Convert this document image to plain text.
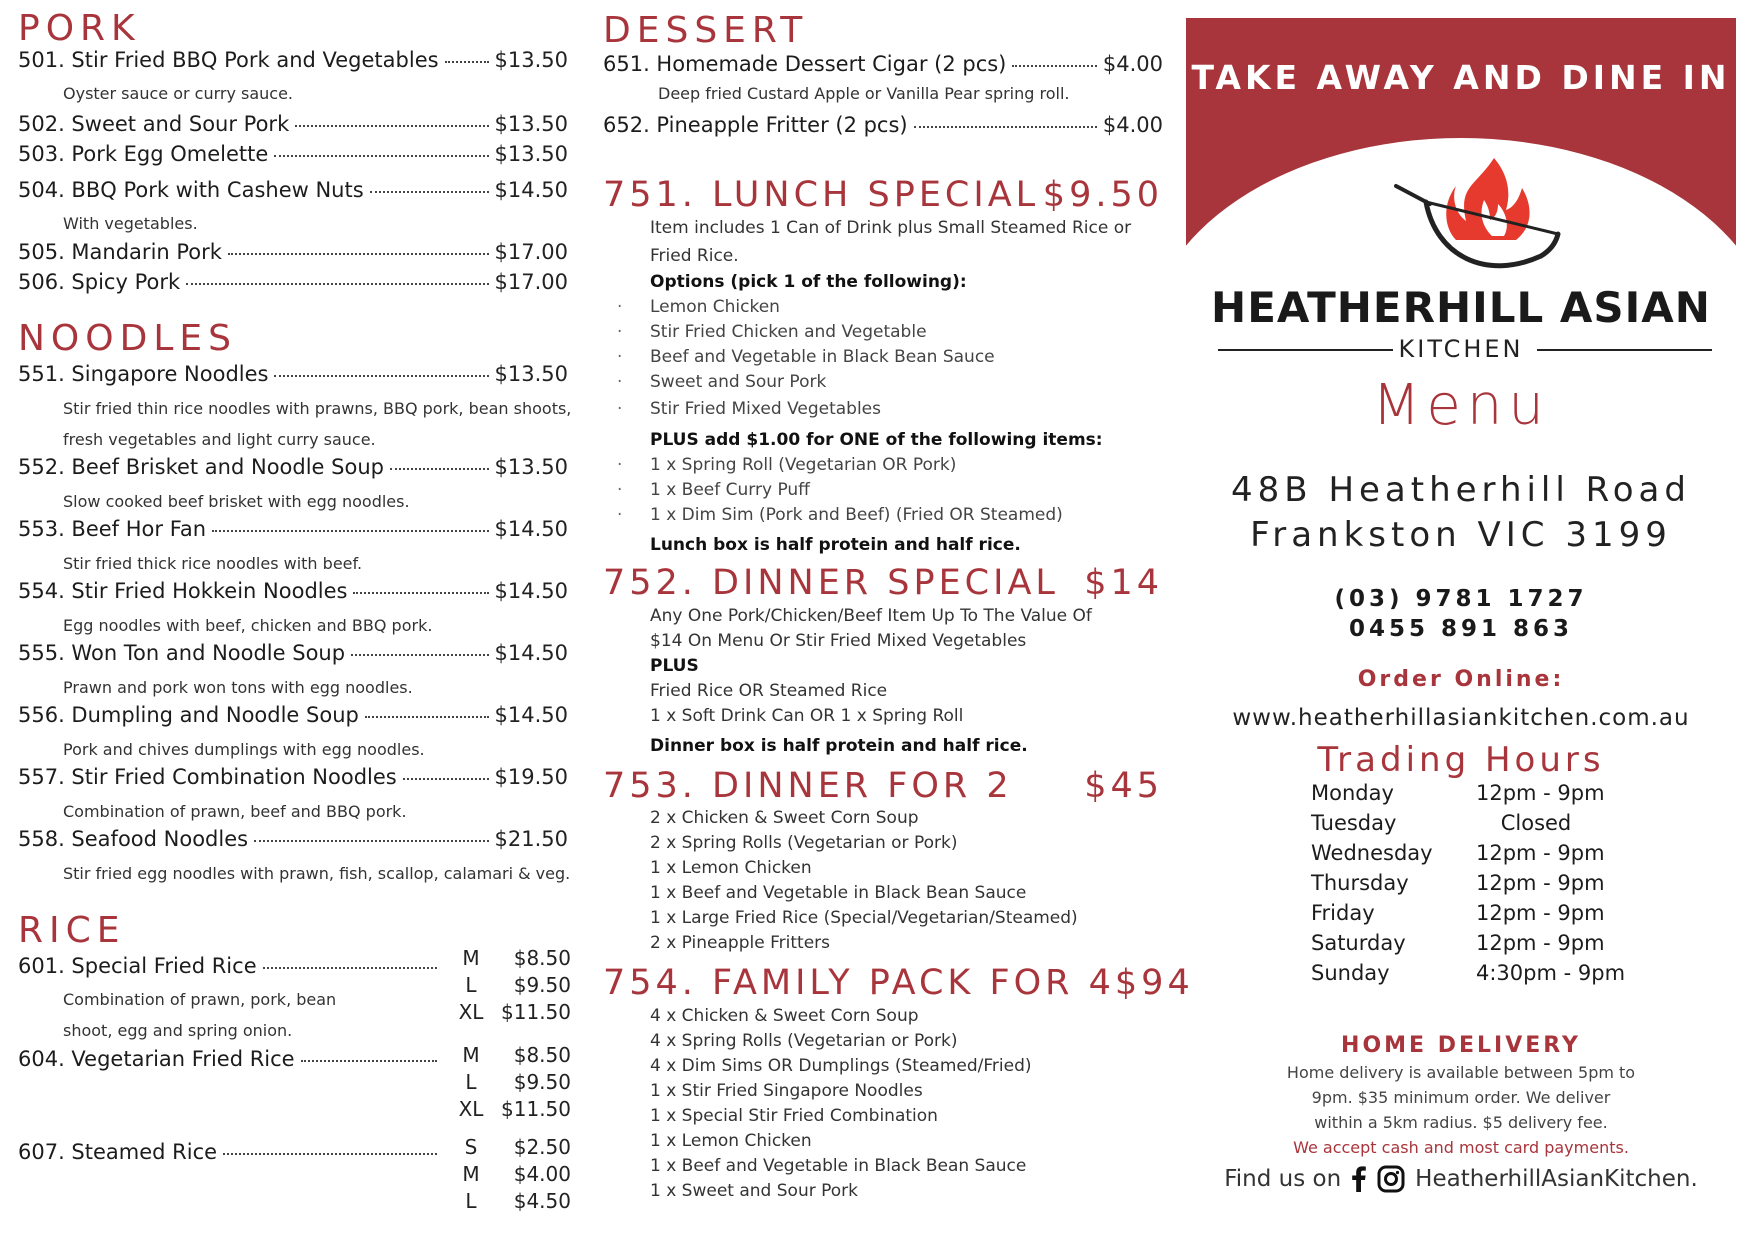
PORK
501. Stir Fried BBQ Pork and Vegetables	$13.50
Oyster sauce or curry sauce.
502. Sweet and Sour Pork	$13.50
503. Pork Egg Omelette	$13.50
504. BBQ Pork with Cashew Nuts	$14.50
With vegetables.
505. Mandarin Pork	$17.00
506. Spicy Pork	$17.00
NOODLES
551. Singapore Noodles	$13.50
Stir fried thin rice noodles with prawns, BBQ pork, bean shoots,
fresh vegetables and light curry sauce.
552. Beef Brisket and Noodle Soup	$13.50
Slow cooked beef brisket with egg noodles.
553. Beef Hor Fan	$14.50
Stir fried thick rice noodles with beef.
554. Stir Fried Hokkein Noodles	$14.50
Egg noodles with beef, chicken and BBQ pork.
555. Won Ton and Noodle Soup	$14.50
Prawn and pork won tons with egg noodles.
556. Dumpling and Noodle Soup	$14.50
Pork and chives dumplings with egg noodles.
557. Stir Fried Combination Noodles	$19.50
Combination of prawn, beef and BBQ pork.
558. Seafood Noodles	$21.50
Stir fried egg noodles with prawn, fish, scallop, calamari & veg.
RICE
601. Special Fried Rice
Combination of prawn, pork, bean
shoot, egg and spring onion.
M	$8.50
L	$9.50
XL $11.50
604. Vegetarian Fried Rice	M	$8.50
L	$9.50
XL $11.50
607. Steamed Rice	S	$2.50
M	$4.00
L	$4.50
DESSERT
651. Homemade Dessert Cigar (2 pcs)	$4.00
Deep fried Custard Apple or Vanilla Pear spring roll.
652. Pineapple Fritter (2 pcs)	$4.00
751. LUNCH SPECIAL $9.50
Item includes 1 Can of Drink plus Small Steamed Rice or
Fried Rice.
Options (pick 1 of the following):
· Lemon Chicken
· Stir Fried Chicken and Vegetable
· Beef and Vegetable in Black Bean Sauce
· Sweet and Sour Pork
· Stir Fried Mixed Vegetables
PLUS add $1.00 for ONE of the following items:
· 1 x Spring Roll (Vegetarian OR Pork)
· 1 x Beef Curry Puff
· 1 x Dim Sim (Pork and Beef) (Fried OR Steamed)
Lunch box is half protein and half rice.
752. DINNER SPECIAL $14
Any One Pork/Chicken/Beef Item Up To The Value Of
$14 On Menu Or Stir Fried Mixed Vegetables
PLUS
Fried Rice OR Steamed Rice
1 x Soft Drink Can OR 1 x Spring Roll
Dinner box is half protein and half rice.
753. DINNER FOR 2 $45
2 x Chicken & Sweet Corn Soup
2 x Spring Rolls (Vegetarian or Pork)
1 x Lemon Chicken
1 x Beef and Vegetable in Black Bean Sauce
1 x Large Fried Rice (Special/Vegetarian/Steamed)
2 x Pineapple Fritters
754. FAMILY PACK FOR 4 $94
4 x Chicken & Sweet Corn Soup
4 x Spring Rolls (Vegetarian or Pork)
4 x Dim Sims OR Dumplings (Steamed/Fried)
1 x Stir Fried Singapore Noodles
1 x Special Stir Fried Combination
1 x Lemon Chicken
1 x Beef and Vegetable in Black Bean Sauce
1 x Sweet and Sour Pork
TAKE AWAY AND DINE IN
HEATHERHILL ASIAN
KITCHEN
Menu
48B Heatherhill Road
Frankston VIC 3199
(03) 9781 1727
0455 891 863
Order Online:
www.heatherhillasiankitchen.com.au
Trading Hours
Monday	12pm - 9pm
Tuesday	Closed
Wednesday 12pm - 9pm
Thursday	12pm - 9pm
Friday	12pm - 9pm
Saturday	12pm - 9pm
Sunday	4:30pm - 9pm
HOME DELIVERY
Home delivery is available between 5pm to
9pm. $35 minimum order. We deliver
within a 5km radius. $5 delivery fee.
We accept cash and most card payments.
Find us on	HeatherhillAsianKitchen.
